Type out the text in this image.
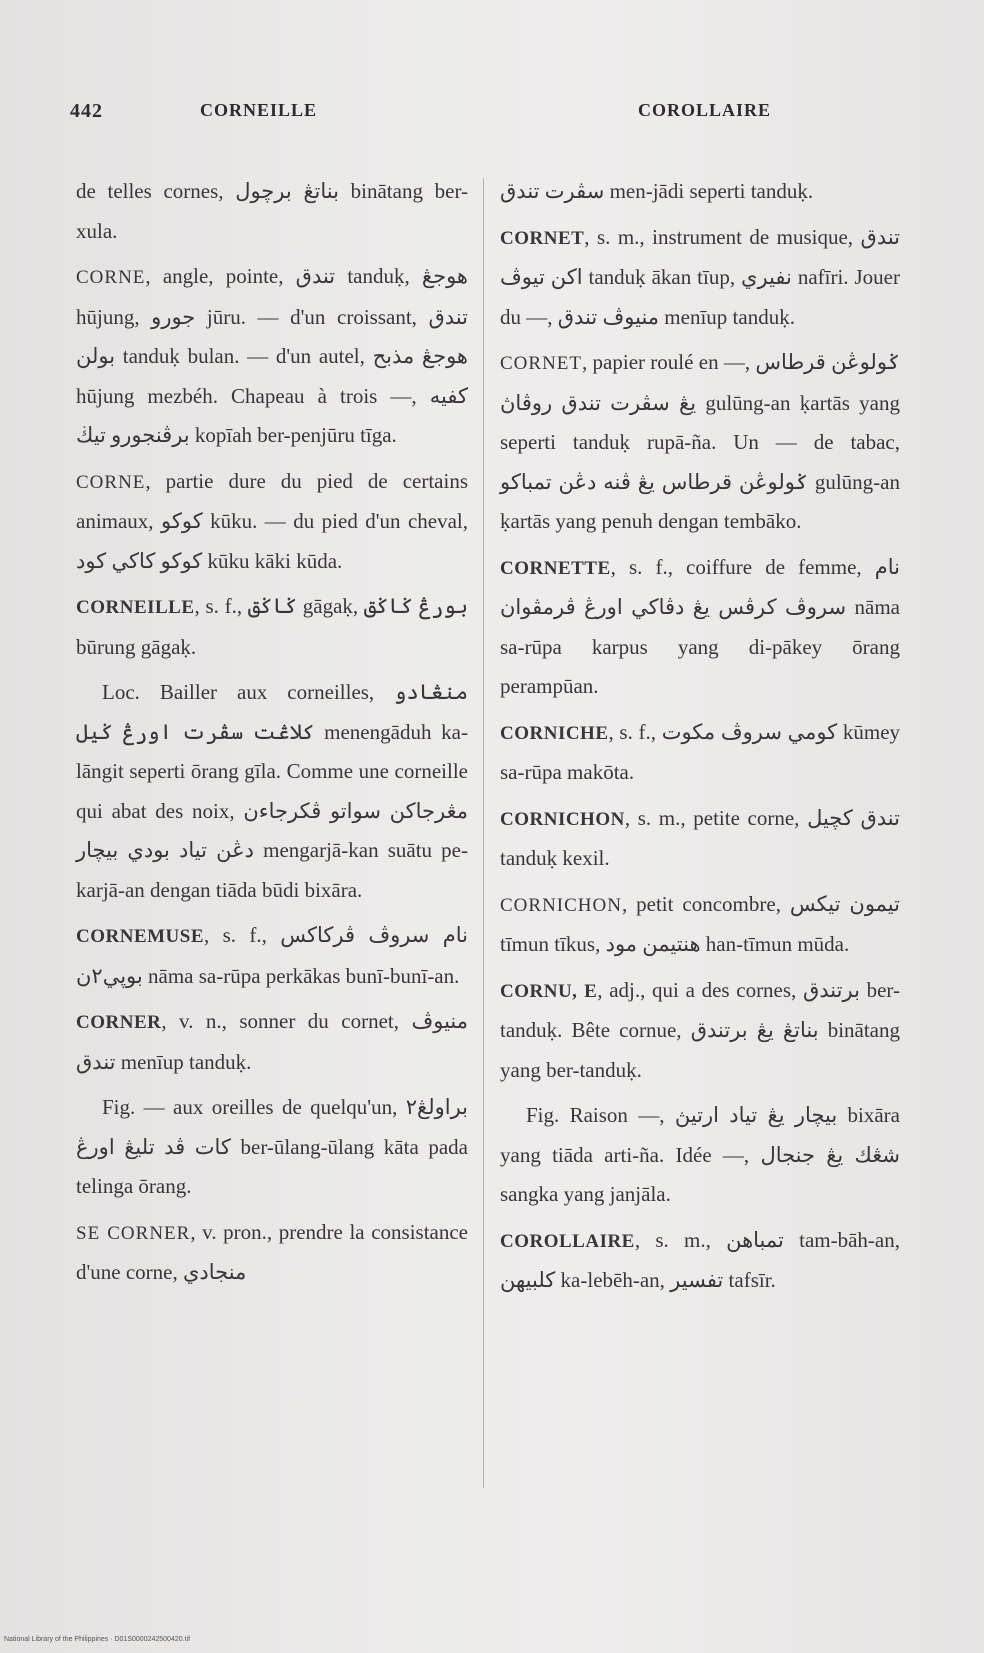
442	CORNEILLE	COROLLAIRE

de telles cornes, بناتڠ برچول binātang ber-xula.

CORNE, angle, pointe, تندق tanduḳ, هوجڠ hūjung, جورو jūru. — d'un croissant, تندق بولن tanduḳ bulan. — d'un autel, هوجڠ مذبح hūjung mezbéh. Chapeau à trois —, كفيه برڤنجورو تيڬ kopīah ber-penjūru tīga.

CORNE, partie dure du pied de certains animaux, كوكو kūku. — du pied d'un cheval, كوكو كاكي كود kūku kāki kūda.

CORNEILLE, s. f., ݢاݢق gāgaḳ, بورڠ ݢاݢق būrung gāgaḳ.

Loc. Bailler aux corneilles, منڠادو كلاڠت سڤرت اورڠ ݢيل menengāduh ka-lāngit seperti ōrang gīla. Comme une corneille qui abat des noix, مڠرجاكن سواتو ڤكرجاءن دڠن تياد بودي بيچار mengarjā-kan suātu pe-karjā-an dengan tiāda būdi bixāra.

CORNEMUSE, s. f., نام سروڤ ڤركاكس بوڽي٢ن nāma sa-rūpa perkākas bunī-bunī-an.

CORNER, v. n., sonner du cornet, منيوڤ تندق menīup tanduḳ.

Fig. — aux oreilles de quelqu'un, براولڠ٢ كات ڤد تليڠ اورڠ ber-ūlang-ūlang kāta pada telinga ōrang.

SE CORNER, v. pron., prendre la consistance d'une corne, منجادي

سڤرت تندق men-jādi seperti tanduḳ.

CORNET, s. m., instrument de musique, تندق اكن تيوڤ tanduḳ ākan tīup, نفيري nafīri. Jouer du —, منيوڤ تندق menīup tanduḳ.

CORNET, papier roulé en —, ݢولوڠن قرطاس يڠ سڤرت تندق روڤاڽ gulūng-an ḳartās yang seperti tanduḳ rupā-ña. Un — de tabac, ݢولوڠن قرطاس يڠ ڤنه دڠن تمباكو gulūng-an ḳartās yang penuh dengan tembāko.

CORNETTE, s. f., coiffure de femme, نام سروڤ كرڤس يڠ دڤاكي اورڠ ڤرمڤوان nāma sa-rūpa karpus yang di-pākey ōrang perampūan.

CORNICHE, s. f., كومي سروڤ مكوت kūmey sa-rūpa makōta.

CORNICHON, s. m., petite corne, تندق كچيل tanduḳ kexil.

CORNICHON, petit concombre, تيمون تيكس tīmun tīkus, هنتيمن مود han-tīmun mūda.

CORNU, E, adj., qui a des cornes, برتندق ber-tanduḳ. Bête cornue, بناتڠ يڠ برتندق binātang yang ber-tanduḳ.

Fig. Raison —, بيچار يڠ تياد ارتيڽ bixāra yang tiāda arti-ña. Idée —, شڠك يڠ جنجال sangka yang janjāla.

COROLLAIRE, s. m., تمباهن tam-bāh-an, كلبيهن ka-lebēh-an, تفسير tafsīr.

National Library of the Philippines · D01S0000242500420.tif
